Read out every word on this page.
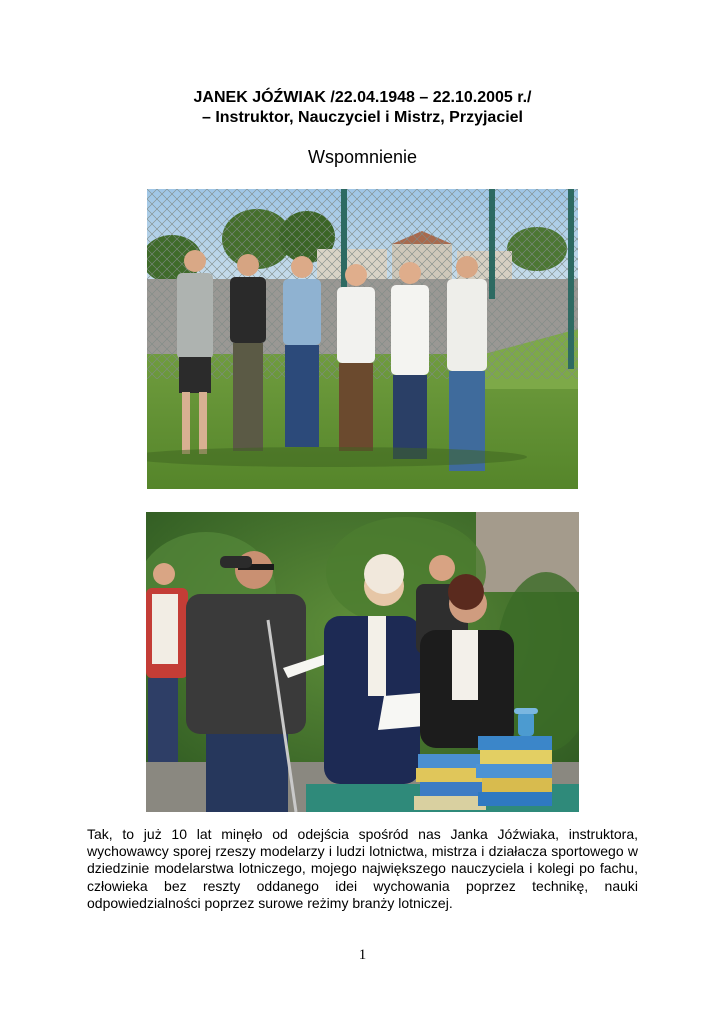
JANEK JÓŹWIAK /22.04.1948 – 22.10.2005 r./
– Instruktor, Nauczyciel i Mistrz, Przyjaciel

Wspomnienie

Tak, to już 10 lat minęło od odejścia spośród nas Janka Jóźwiaka, instruktora, wychowawcy sporej rzeszy modelarzy i ludzi lotnictwa, mistrza i działacza sportowego w dziedzinie modelarstwa lotniczego, mojego największego nauczyciela i kolegi po fachu, człowieka bez reszty oddanego idei wychowania poprzez technikę, nauki odpowiedzialności poprzez surowe reżimy branży lotniczej.

1
